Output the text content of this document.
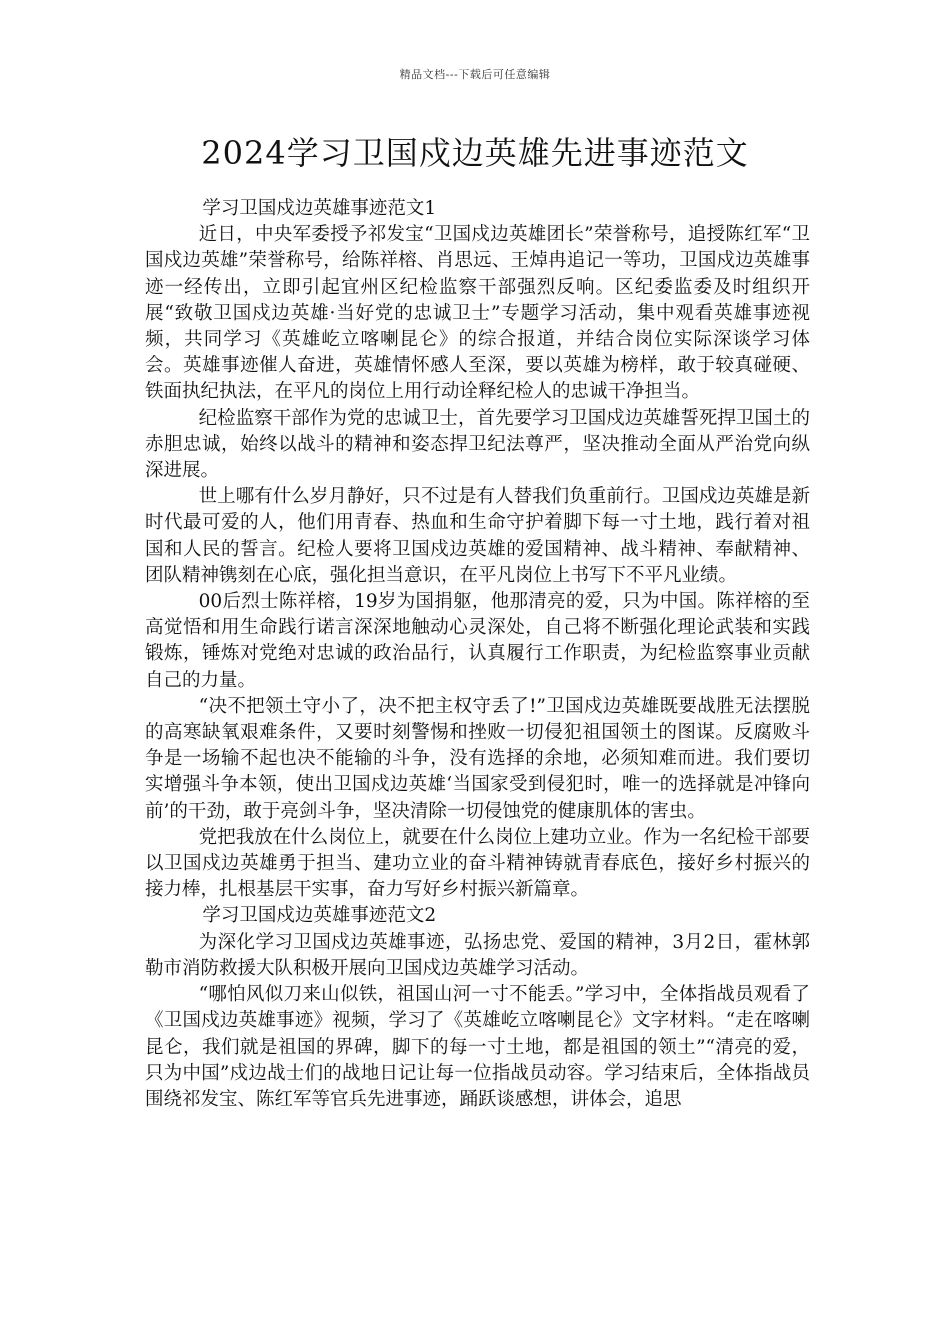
精品文档---下载后可任意编辑
2024学习卫国戍边英雄先进事迹范文

学习卫国戍边英雄事迹范文1

近日，中央军委授予祁发宝“卫国戍边英雄团长”荣誉称号，追授陈红军“卫国戍边英雄”荣誉称号，给陈祥榕、肖思远、王焯冉追记一等功，卫国戍边英雄事迹一经传出，立即引起宜州区纪检监察干部强烈反响。区纪委监委及时组织开展“致敬卫国戍边英雄·当好党的忠诚卫士”专题学习活动，集中观看英雄事迹视频，共同学习《英雄屹立喀喇昆仑》的综合报道，并结合岗位实际深谈学习体会。英雄事迹催人奋进，英雄情怀感人至深，要以英雄为榜样，敢于较真碰硬、铁面执纪执法，在平凡的岗位上用行动诠释纪检人的忠诚干净担当。

纪检监察干部作为党的忠诚卫士，首先要学习卫国戍边英雄誓死捍卫国土的赤胆忠诚，始终以战斗的精神和姿态捍卫纪法尊严，坚决推动全面从严治党向纵深进展。

世上哪有什么岁月静好，只不过是有人替我们负重前行。卫国戍边英雄是新时代最可爱的人，他们用青春、热血和生命守护着脚下每一寸土地，践行着对祖国和人民的誓言。纪检人要将卫国戍边英雄的爱国精神、战斗精神、奉献精神、团队精神镌刻在心底，强化担当意识，在平凡岗位上书写下不平凡业绩。

00后烈士陈祥榕，19岁为国捐躯，他那清亮的爱，只为中国。陈祥榕的至高觉悟和用生命践行诺言深深地触动心灵深处，自己将不断强化理论武装和实践锻炼，锤炼对党绝对忠诚的政治品行，认真履行工作职责，为纪检监察事业贡献自己的力量。

“决不把领土守小了，决不把主权守丢了!”卫国戍边英雄既要战胜无法摆脱的高寒缺氧艰难条件，又要时刻警惕和挫败一切侵犯祖国领土的图谋。反腐败斗争是一场输不起也决不能输的斗争，没有选择的余地，必须知难而进。我们要切实增强斗争本领，使出卫国戍边英雄‘当国家受到侵犯时，唯一的选择就是冲锋向前’的干劲，敢于亮剑斗争，坚决清除一切侵蚀党的健康肌体的害虫。

党把我放在什么岗位上，就要在什么岗位上建功立业。作为一名纪检干部要以卫国戍边英雄勇于担当、建功立业的奋斗精神铸就青春底色，接好乡村振兴的接力棒，扎根基层干实事，奋力写好乡村振兴新篇章。

学习卫国戍边英雄事迹范文2

为深化学习卫国戍边英雄事迹，弘扬忠党、爱国的精神，3月2日，霍林郭勒市消防救援大队积极开展向卫国戍边英雄学习活动。

“哪怕风似刀来山似铁，祖国山河一寸不能丢。”学习中，全体指战员观看了《卫国戍边英雄事迹》视频，学习了《英雄屹立喀喇昆仑》文字材料。“走在喀喇昆仑，我们就是祖国的界碑，脚下的每一寸土地，都是祖国的领土”“清亮的爱，只为中国”戍边战士们的战地日记让每一位指战员动容。学习结束后，全体指战员围绕祁发宝、陈红军等官兵先进事迹，踊跃谈感想，讲体会，追思
